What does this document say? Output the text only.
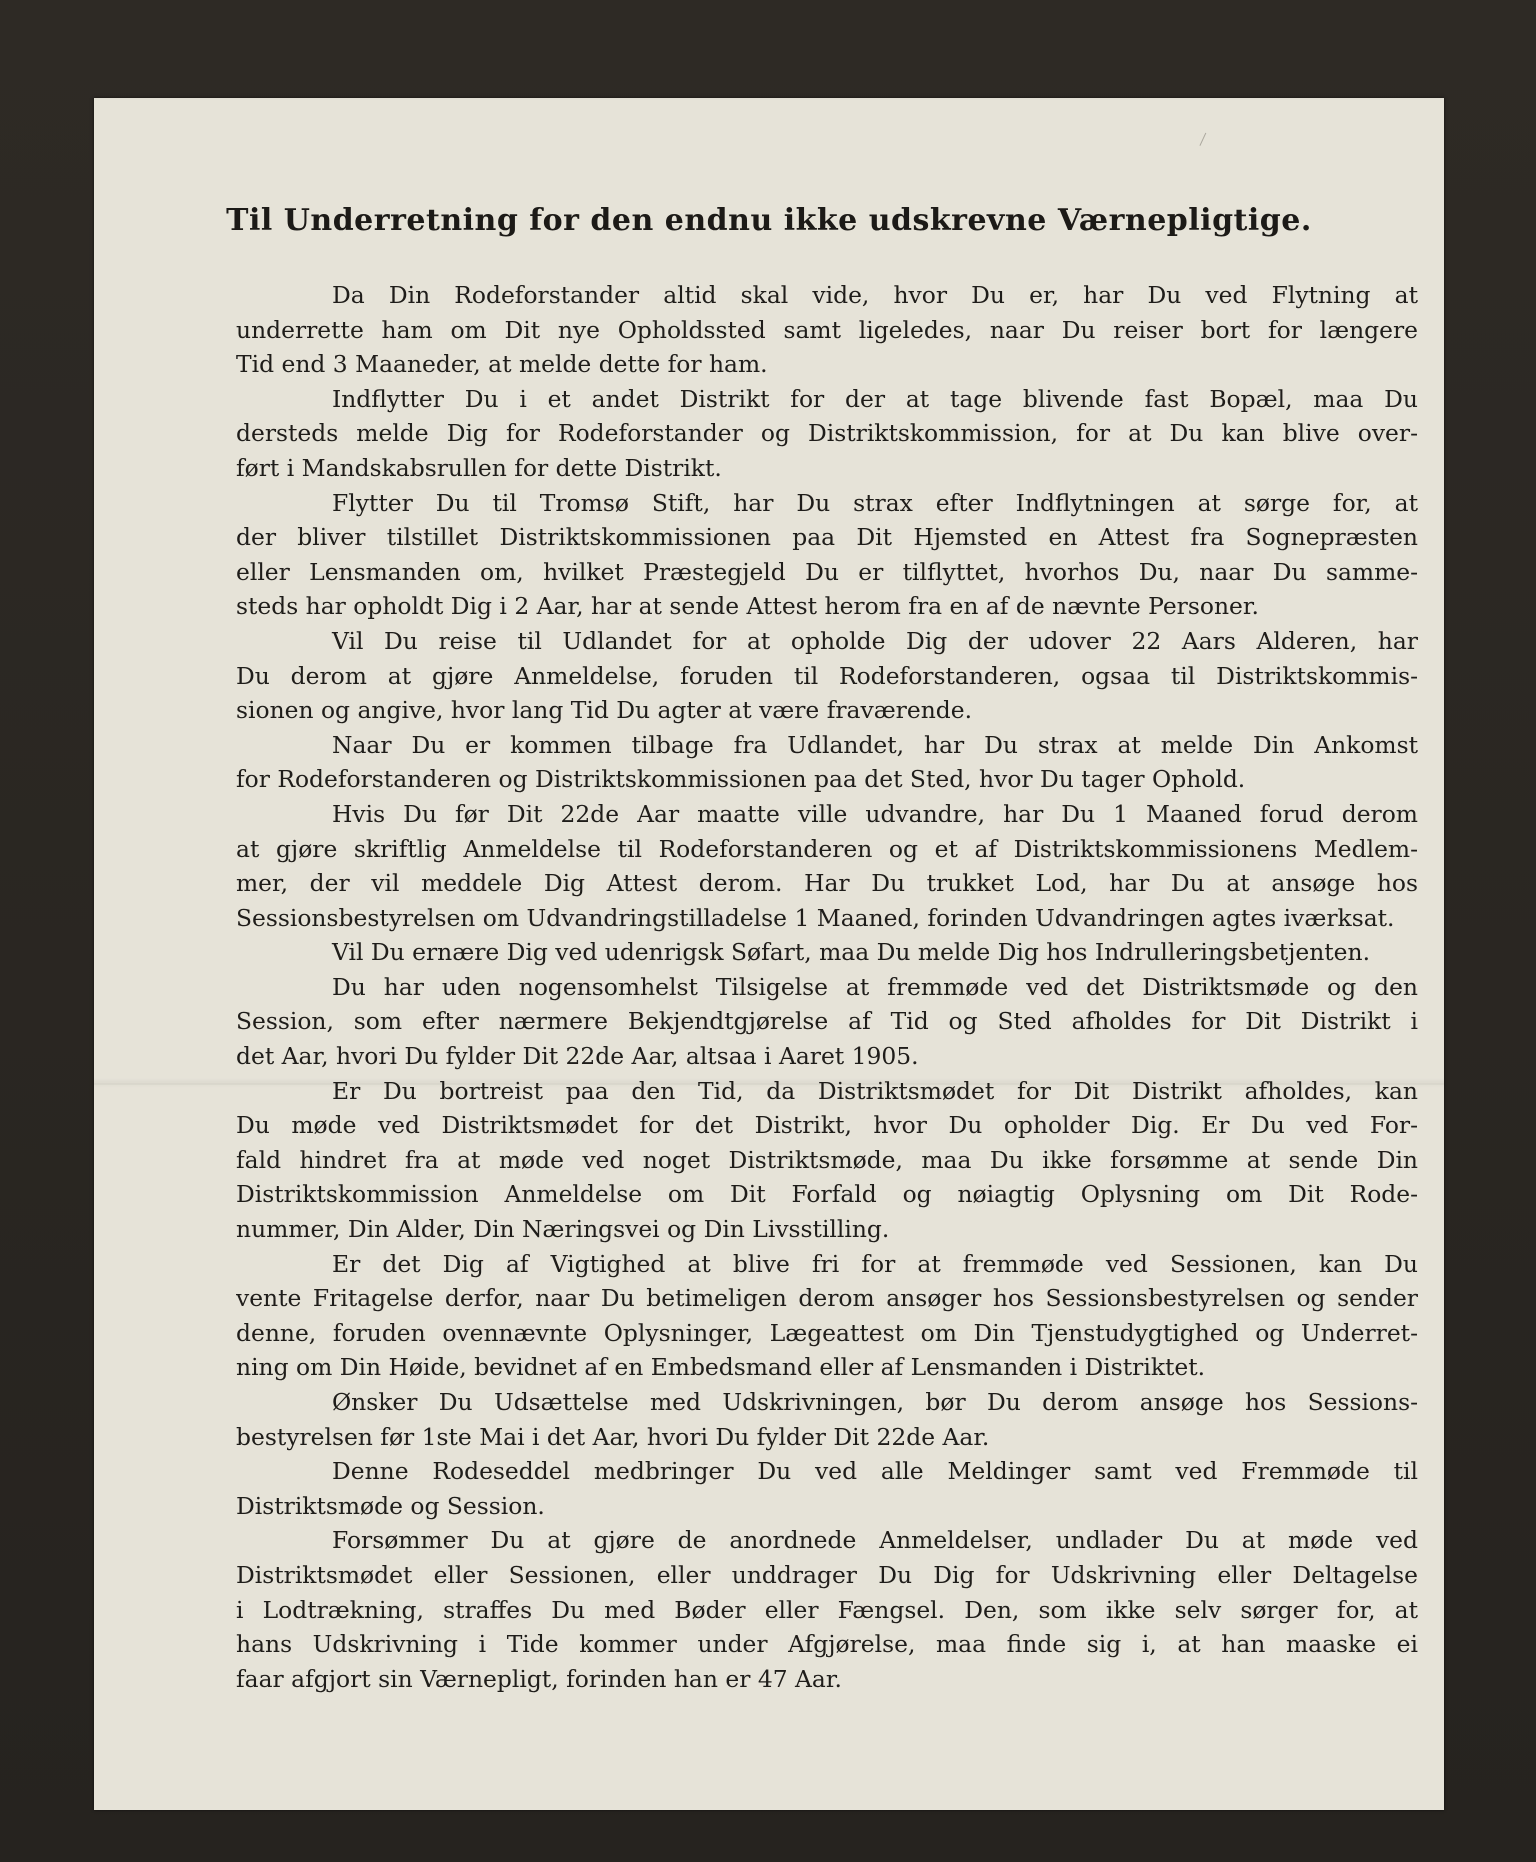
Til Underretning for den endnu ikke udskrevne Værnepligtige.
Da Din Rodeforstander altid skal vide, hvor Du er, har Du ved Flytning at
underrette ham om Dit nye Opholdssted samt ligeledes, naar Du reiser bort for længere
Tid end 3 Maaneder, at melde dette for ham.
Indflytter Du i et andet Distrikt for der at tage blivende fast Bopæl, maa Du
dersteds melde Dig for Rodeforstander og Distriktskommission, for at Du kan blive over-
ført i Mandskabsrullen for dette Distrikt.
Flytter Du til Tromsø Stift, har Du strax efter Indflytningen at sørge for, at
der bliver tilstillet Distriktskommissionen paa Dit Hjemsted en Attest fra Sognepræsten
eller Lensmanden om, hvilket Præstegjeld Du er tilflyttet, hvorhos Du, naar Du samme-
steds har opholdt Dig i 2 Aar, har at sende Attest herom fra en af de nævnte Personer.
Vil Du reise til Udlandet for at opholde Dig der udover 22 Aars Alderen, har
Du derom at gjøre Anmeldelse, foruden til Rodeforstanderen, ogsaa til Distriktskommis-
sionen og angive, hvor lang Tid Du agter at være fraværende.
Naar Du er kommen tilbage fra Udlandet, har Du strax at melde Din Ankomst
for Rodeforstanderen og Distriktskommissionen paa det Sted, hvor Du tager Ophold.
Hvis Du før Dit 22de Aar maatte ville udvandre, har Du 1 Maaned forud derom
at gjøre skriftlig Anmeldelse til Rodeforstanderen og et af Distriktskommissionens Medlem-
mer, der vil meddele Dig Attest derom. Har Du trukket Lod, har Du at ansøge hos
Sessionsbestyrelsen om Udvandringstilladelse 1 Maaned, forinden Udvandringen agtes iværksat.
Vil Du ernære Dig ved udenrigsk Søfart, maa Du melde Dig hos Indrulleringsbetjenten.
Du har uden nogensomhelst Tilsigelse at fremmøde ved det Distriktsmøde og den
Session, som efter nærmere Bekjendtgjørelse af Tid og Sted afholdes for Dit Distrikt i
det Aar, hvori Du fylder Dit 22de Aar, altsaa i Aaret 1905.
Er Du bortreist paa den Tid, da Distriktsmødet for Dit Distrikt afholdes, kan
Du møde ved Distriktsmødet for det Distrikt, hvor Du opholder Dig. Er Du ved For-
fald hindret fra at møde ved noget Distriktsmøde, maa Du ikke forsømme at sende Din
Distriktskommission Anmeldelse om Dit Forfald og nøiagtig Oplysning om Dit Rode-
nummer, Din Alder, Din Næringsvei og Din Livsstilling.
Er det Dig af Vigtighed at blive fri for at fremmøde ved Sessionen, kan Du
vente Fritagelse derfor, naar Du betimeligen derom ansøger hos Sessionsbestyrelsen og sender
denne, foruden ovennævnte Oplysninger, Lægeattest om Din Tjenstudygtighed og Underret-
ning om Din Høide, bevidnet af en Embedsmand eller af Lensmanden i Distriktet.
Ønsker Du Udsættelse med Udskrivningen, bør Du derom ansøge hos Sessions-
bestyrelsen før 1ste Mai i det Aar, hvori Du fylder Dit 22de Aar.
Denne Rodeseddel medbringer Du ved alle Meldinger samt ved Fremmøde til
Distriktsmøde og Session.
Forsømmer Du at gjøre de anordnede Anmeldelser, undlader Du at møde ved
Distriktsmødet eller Sessionen, eller unddrager Du Dig for Udskrivning eller Deltagelse
i Lodtrækning, straffes Du med Bøder eller Fængsel. Den, som ikke selv sørger for, at
hans Udskrivning i Tide kommer under Afgjørelse, maa finde sig i, at han maaske ei
faar afgjort sin Værnepligt, forinden han er 47 Aar.
